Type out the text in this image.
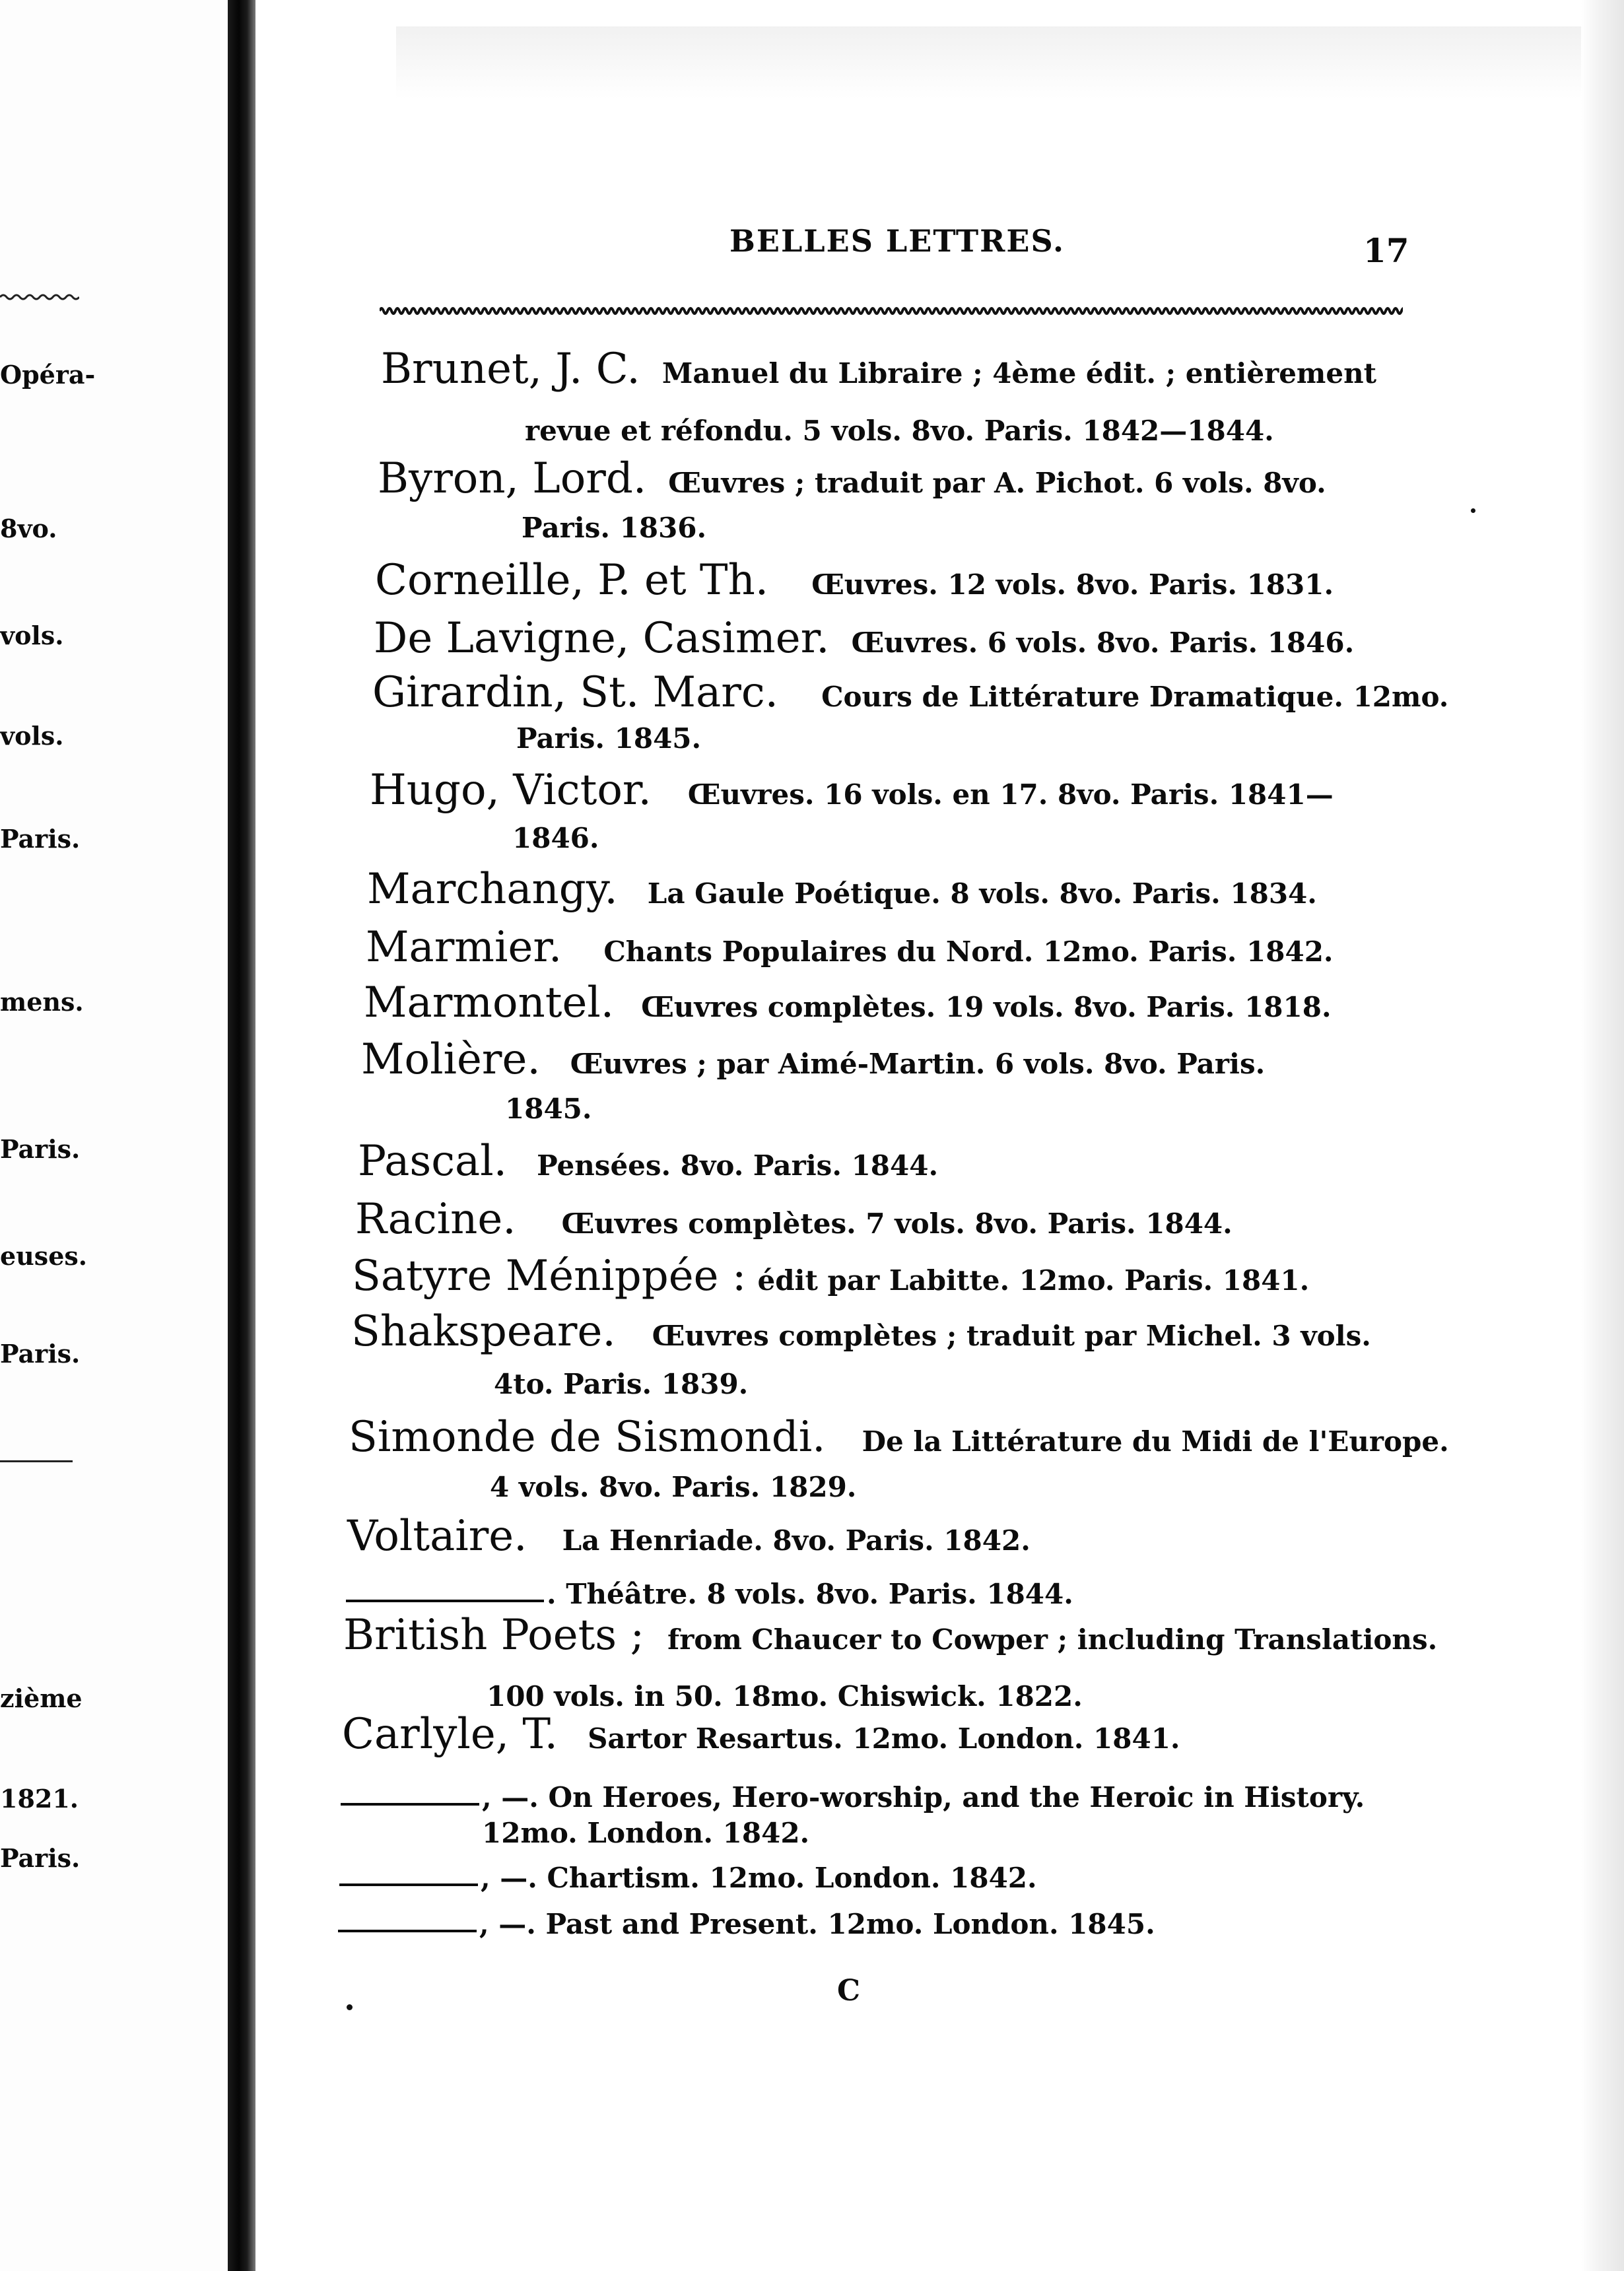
Opéra-
8vo.
vols.
vols.
Paris.
mens.
Paris.
euses.
Paris.
zième
1821.
Paris.
BELLES LETTRES.	17
Brunet, J. C. Manuel du Libraire ; 4ème édit. ; entièrement
revue et réfondu. 5 vols. 8vo. Paris. 1842—1844.
Byron, Lord. Œuvres ; traduit par A. Pichot. 6 vols. 8vo.
Paris. 1836.
Corneille, P. et Th. Œuvres. 12 vols. 8vo. Paris. 1831.
De Lavigne, Casimer. Œuvres. 6 vols. 8vo. Paris. 1846.
Girardin, St. Marc. Cours de Littérature Dramatique. 12mo.
Paris. 1845.
Hugo, Victor. Œuvres. 16 vols. en 17. 8vo. Paris. 1841—
1846.
Marchangy. La Gaule Poétique. 8 vols. 8vo. Paris. 1834.
Marmier. Chants Populaires du Nord. 12mo. Paris. 1842.
Marmontel. Œuvres complètes. 19 vols. 8vo. Paris. 1818.
Molière. Œuvres ; par Aimé-Martin. 6 vols. 8vo. Paris.
1845.
Pascal. Pensées. 8vo. Paris. 1844.
Racine. Œuvres complètes. 7 vols. 8vo. Paris. 1844.
Satyre Ménippée : édit par Labitte. 12mo. Paris. 1841.
Shakspeare. Œuvres complètes ; traduit par Michel. 3 vols.
4to. Paris. 1839.
Simonde de Sismondi. De la Littérature du Midi de l'Europe.
4 vols. 8vo. Paris. 1829.
Voltaire. La Henriade. 8vo. Paris. 1842.
. Théâtre. 8 vols. 8vo. Paris. 1844.
British Poets ; from Chaucer to Cowper ; including Translations.
100 vols. in 50. 18mo. Chiswick. 1822.
Carlyle, T. Sartor Resartus. 12mo. London. 1841.
, —. On Heroes, Hero-worship, and the Heroic in History.
12mo. London. 1842.
, —. Chartism. 12mo. London. 1842.
, —. Past and Present. 12mo. London. 1845.
C
